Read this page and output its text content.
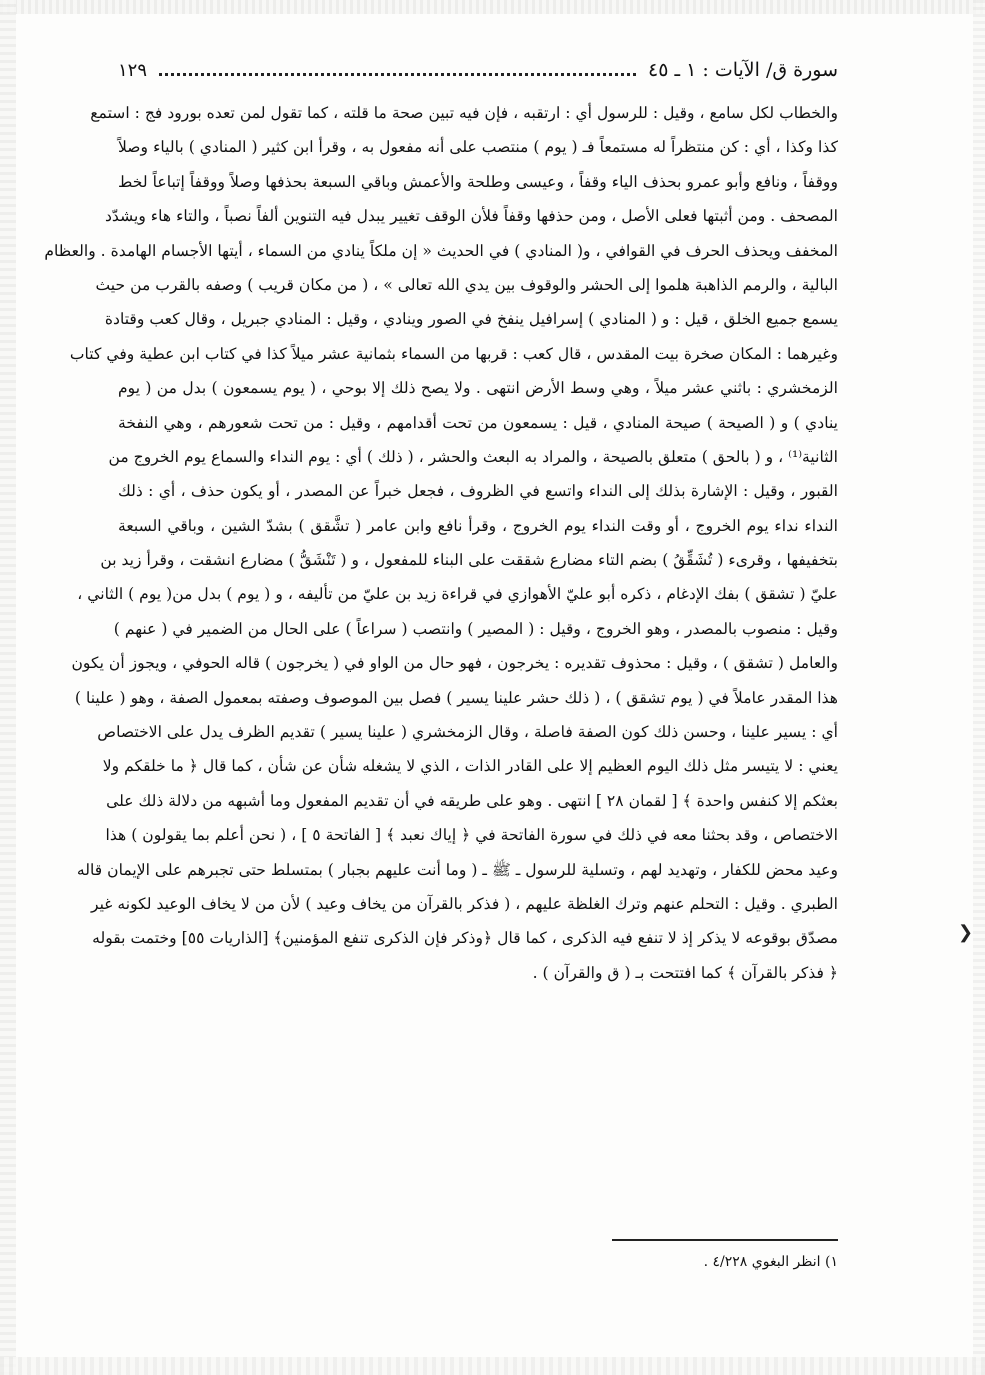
سورة ق/ الآيات : ١ ـ ٤٥
١٢٩
والخطاب لكل سامع ، وقيل : للرسول أي : ارتقبه ، فإن فيه تبين صحة ما قلته ، كما تقول لمن تعده بورود فج : استمع
كذا وكذا ، أي : كن منتظراً له مستمعاً فـ ( يوم ) منتصب على أنه مفعول به ، وقرأ ابن كثير ( المنادي ) بالياء وصلاً
ووقفاً ، ونافع وأبو عمرو بحذف الياء وقفاً ، وعيسى وطلحة والأعمش وباقي السبعة بحذفها وصلاً ووقفاً إتباعاً لخط
المصحف . ومن أثبتها فعلى الأصل ، ومن حذفها وقفاً فلأن الوقف تغيير يبدل فيه التنوين ألفاً نصباً ، والتاء هاء ويشدّد
المخفف ويحذف الحرف في القوافي ، و( المنادي ) في الحديث « إن ملكاً ينادي من السماء ، أيتها الأجسام الهامدة . والعظام
البالية ، والرمم الذاهبة هلموا إلى الحشر والوقوف بين يدي الله تعالى » ، ( من مكان قريب ) وصفه بالقرب من حيث
يسمع جميع الخلق ، قيل : و ( المنادي ) إسرافيل ينفخ في الصور وينادي ، وقيل : المنادي جبريل ، وقال كعب وقتادة
وغيرهما : المكان صخرة بيت المقدس ، قال كعب : قربها من السماء بثمانية عشر ميلاً كذا في كتاب ابن عطية وفي كتاب
الزمخشري : باثني عشر ميلاً ، وهي وسط الأرض انتهى . ولا يصح ذلك إلا بوحي ، ( يوم يسمعون ) بدل من ( يوم
ينادي ) و ( الصيحة ) صيحة المنادي ، قيل : يسمعون من تحت أقدامهم ، وقيل : من تحت شعورهم ، وهي النفخة
الثانية⁽¹⁾ ، و ( بالحق ) متعلق بالصيحة ، والمراد به البعث والحشر ، ( ذلك ) أي : يوم النداء والسماع يوم الخروج من
القبور ، وقيل : الإشارة بذلك إلى النداء واتسع في الظروف ، فجعل خبراً عن المصدر ، أو يكون حذف ، أي : ذلك
النداء نداء يوم الخروج ، أو وقت النداء يوم الخروج ، وقرأ نافع وابن عامر ( تشَّقق ) بشدّ الشين ، وباقي السبعة
بتخفيفها ، وقرىء ( تُشَقِّقُ ) بضم التاء مضارع شققت على البناء للمفعول ، و ( تَنْشَقُّ ) مضارع انشقت ، وقرأ زيد بن
عليّ ( تشقق ) بفك الإدغام ، ذكره أبو عليّ الأهوازي في قراءة زيد بن عليّ من تأليفه ، و ( يوم ) بدل من( يوم ) الثاني ،
وقيل : منصوب بالمصدر ، وهو الخروج ، وقيل : ( المصير ) وانتصب ( سراعاً ) على الحال من الضمير في ( عنهم )
والعامل ( تشقق ) ، وقيل : محذوف تقديره : يخرجون ، فهو حال من الواو في ( يخرجون ) قاله الحوفي ، ويجوز أن يكون
هذا المقدر عاملاً في ( يوم تشقق ) ، ( ذلك حشر علينا يسير ) فصل بين الموصوف وصفته بمعمول الصفة ، وهو ( علينا )
أي : يسير علينا ، وحسن ذلك كون الصفة فاصلة ، وقال الزمخشري ( علينا يسير ) تقديم الظرف يدل على الاختصاص
يعني : لا يتيسر مثل ذلك اليوم العظيم إلا على القادر الذات ، الذي لا يشغله شأن عن شأن ، كما قال ﴿ ما خلقكم ولا
بعثكم إلا كنفس واحدة ﴾ [ لقمان ٢٨ ] انتهى . وهو على طريقه في أن تقديم المفعول وما أشبهه من دلالة ذلك على
الاختصاص ، وقد بحثنا معه في ذلك في سورة الفاتحة في ﴿ إياك نعبد ﴾ [ الفاتحة ٥ ] ، ( نحن أعلم بما يقولون ) هذا
وعيد محض للكفار ، وتهديد لهم ، وتسلية للرسول ـ ﷺ ـ ( وما أنت عليهم بجبار ) بمتسلط حتى تجبرهم على الإيمان قاله
الطبري . وقيل : التحلم عنهم وترك الغلظة عليهم ، ( فذكر بالقرآن من يخاف وعيد ) لأن من لا يخاف الوعيد لكونه غير
مصدّق بوقوعه لا يذكر إذ لا تنفع فيه الذكرى ، كما قال ﴿وذكر فإن الذكرى تنفع المؤمنين﴾ [الذاريات ٥٥] وختمت بقوله
﴿ فذكر بالقرآن ﴾ كما افتتحت بـ ( ق والقرآن ) .
❯
١) انظر البغوي ٤/٢٢٨ .
